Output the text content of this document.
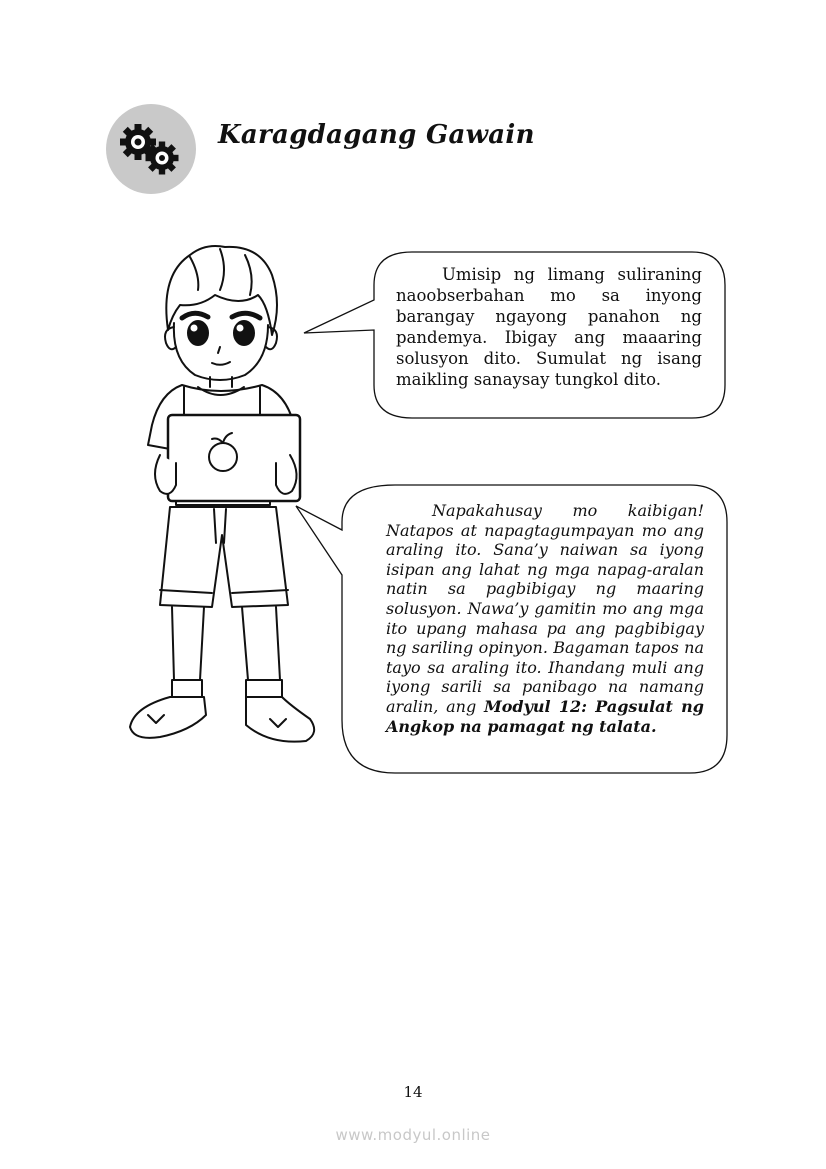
Karagdagang Gawain
Umisip ng limang suliraning naoobserbahan mo sa inyong barangay ngayong panahon ng pandemya. Ibigay ang maaaring solusyon dito. Sumulat ng isang maikling sanaysay tungkol dito.
Napakahusay mo kaibigan! Natapos at napagtagumpayan mo ang araling ito. Sana’y naiwan sa iyong isipan ang lahat ng mga napag-aralan natin sa pagbibigay ng maaring solusyon. Nawa’y gamitin mo ang mga ito upang mahasa pa ang pagbibigay ng sariling opinyon. Bagaman tapos na tayo sa araling ito. Ihandang muli ang iyong sarili sa panibago na namang aralin, ang Modyul 12: Pagsulat ng Angkop na pamagat ng talata.
14
www.modyul.online
